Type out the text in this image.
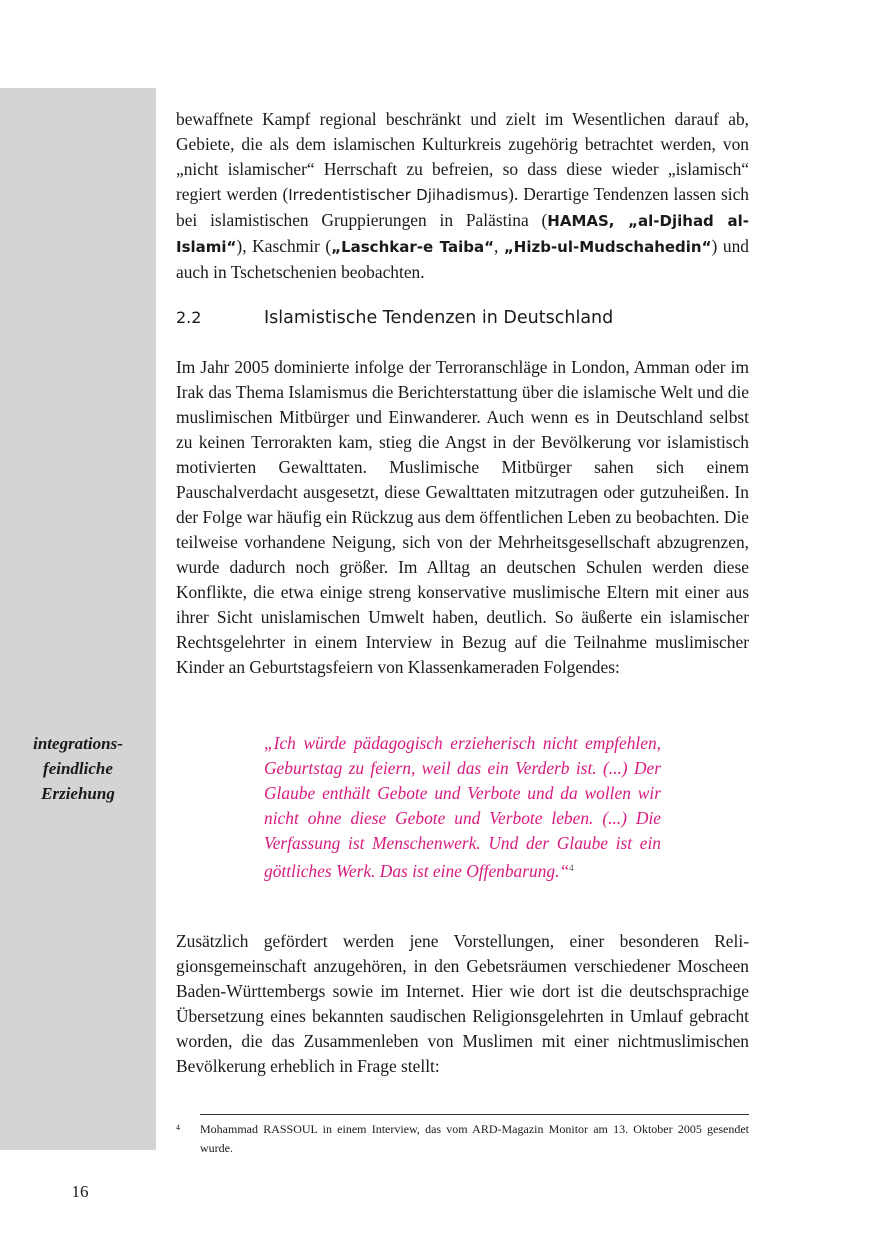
integrations-
feindliche
Erziehung

bewaffnete Kampf regional beschränkt und zielt im Wesentlichen darauf ab, Gebiete, die als dem islamischen Kulturkreis zugehörig betrachtet werden, von „nicht islamischer“ Herrschaft zu befreien, so dass diese wieder „islamisch“ regiert werden (Irredentistischer Djihadismus). Derartige Tendenzen lassen sich bei islamistischen Gruppierungen in Palästina (HAMAS, „al-Djihad al-Islami“), Kaschmir („Laschkar-e Taiba“, „Hizb-ul-Mudschahedin“) und auch in Tschetschenien beobachten.

2.2	Islamistische Tendenzen in Deutschland

Im Jahr 2005 dominierte infolge der Terroranschläge in London, Amman oder im Irak das Thema Islamismus die Berichterstattung über die islamische Welt und die muslimischen Mitbürger und Einwanderer. Auch wenn es in Deutschland selbst zu keinen Terrorakten kam, stieg die Angst in der Bevölkerung vor islamistisch motivierten Gewalttaten. Muslimische Mitbürger sahen sich einem Pauschalverdacht ausgesetzt, diese Gewalttaten mitzutragen oder gutzuheißen. In der Folge war häufig ein Rückzug aus dem öffentlichen Leben zu beobachten. Die teilweise vorhandene Neigung, sich von der Mehrheitsgesellschaft abzugrenzen, wurde dadurch noch größer. Im Alltag an deutschen Schulen werden diese Konflikte, die etwa einige streng konservative muslimische Eltern mit einer aus ihrer Sicht unislamischen Umwelt haben, deutlich. So äußerte ein islamischer Rechtsgelehrter in einem Interview in Bezug auf die Teilnahme muslimischer Kinder an Geburtstagsfeiern von Klassenkameraden Folgendes:

„Ich würde pädagogisch erzieherisch nicht empfehlen, Geburtstag zu feiern, weil das ein Verderb ist. (...) Der Glaube enthält Gebote und Verbote und da wollen wir nicht ohne diese Gebote und Verbote leben. (...) Die Verfassung ist Menschenwerk. Und der Glaube ist ein göttliches Werk. Das ist eine Offenbarung.“$^4$

Zusätzlich gefördert werden jene Vorstellungen, einer besonderen Religionsgemeinschaft anzugehören, in den Gebetsräumen verschiedener Moscheen Baden-Württembergs sowie im Internet. Hier wie dort ist die deutschsprachige Übersetzung eines bekannten saudischen Religionsgelehrten in Umlauf gebracht worden, die das Zusammenleben von Muslimen mit einer nichtmuslimischen Bevölkerung erheblich in Frage stellt:

4 Mohammad RASSOUL in einem Interview, das vom ARD-Magazin Monitor am 13. Oktober 2005 gesendet wurde.
16
